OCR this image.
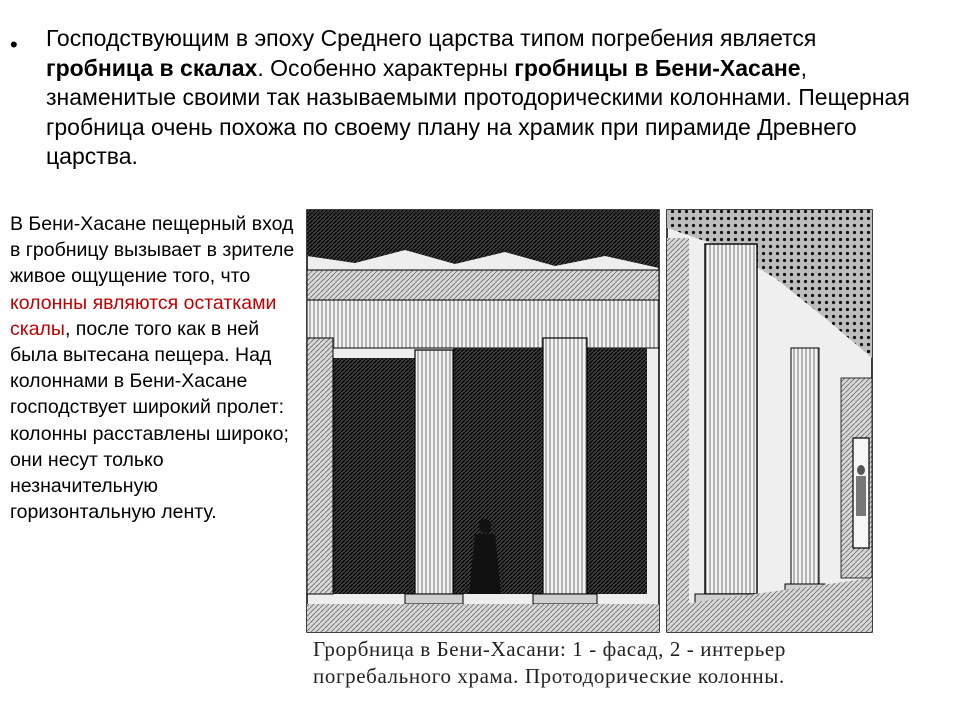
• Господствующим в эпоху Среднего царства типом погребения является гробница в скалах. Особенно характерны гробницы в Бени-Хасане, знаменитые своими так называемыми протодорическими колоннами. Пещерная гробница очень похожа по своему плану на храмик при пирамиде Древнего царства.
В Бени-Хасане пещерный вход в гробницу вызывает в зрителе живое ощущение того, что колонны являются остатками скалы, после того как в ней была вытесана пещера. Над колоннами в Бени-Хасане господствует широкий пролет: колонны расставлены широко; они несут только незначительную горизонтальную ленту.
Грорбница в Бени-Хасани: 1 - фасад, 2 - интерьер погребального храма. Протодорические колонны.
